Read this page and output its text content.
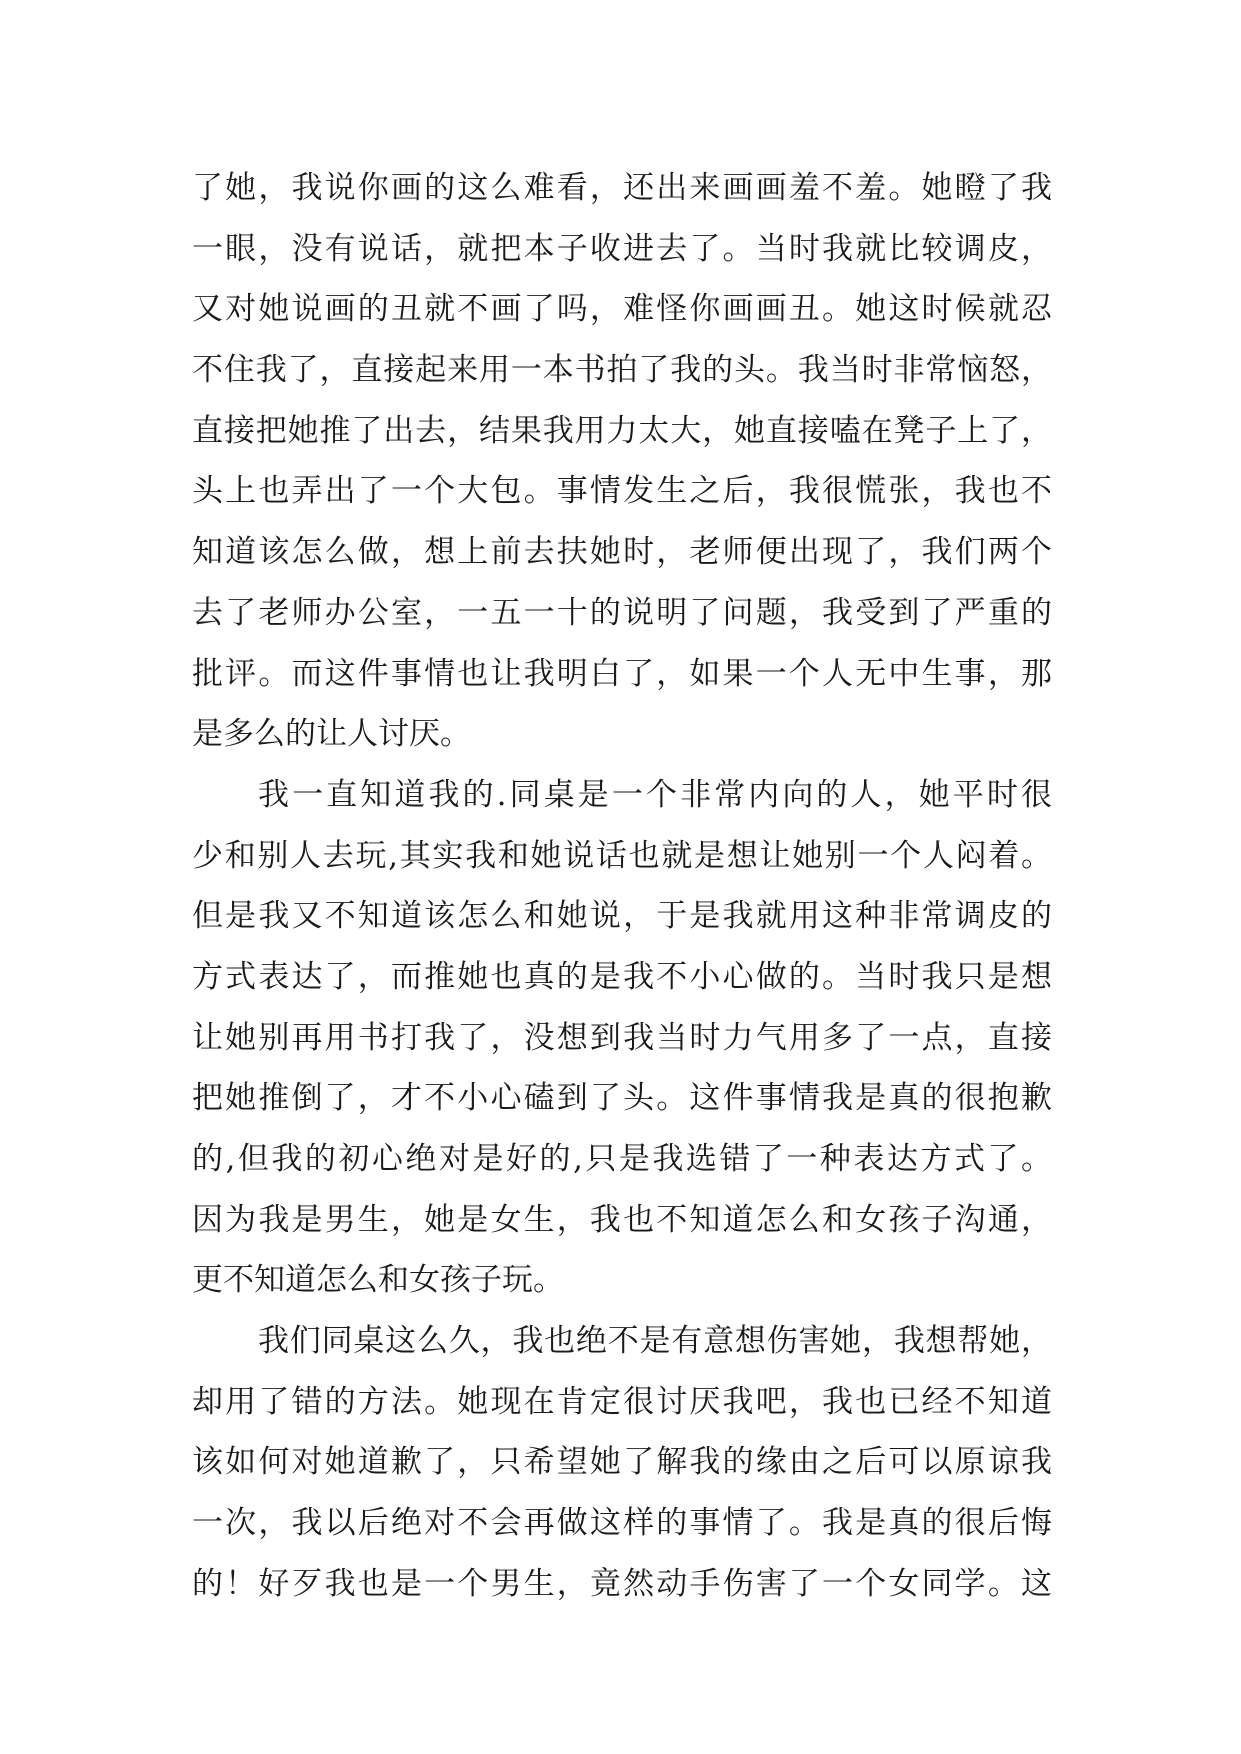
了她，我说你画的这么难看，还出来画画羞不羞。她瞪了我
一眼，没有说话，就把本子收进去了。当时我就比较调皮，
又对她说画的丑就不画了吗，难怪你画画丑。她这时候就忍
不住我了，直接起来用一本书拍了我的头。我当时非常恼怒，
直接把她推了出去，结果我用力太大，她直接嗑在凳子上了，
头上也弄出了一个大包。事情发生之后，我很慌张，我也不
知道该怎么做，想上前去扶她时，老师便出现了，我们两个
去了老师办公室，一五一十的说明了问题，我受到了严重的
批评。而这件事情也让我明白了，如果一个人无中生事，那
是多么的让人讨厌。
我一直知道我的.同桌是一个非常内向的人，她平时很
少和别人去玩,其实我和她说话也就是想让她别一个人闷着。
但是我又不知道该怎么和她说，于是我就用这种非常调皮的
方式表达了，而推她也真的是我不小心做的。当时我只是想
让她别再用书打我了，没想到我当时力气用多了一点，直接
把她推倒了，才不小心磕到了头。这件事情我是真的很抱歉
的,但我的初心绝对是好的,只是我选错了一种表达方式了。
因为我是男生，她是女生，我也不知道怎么和女孩子沟通，
更不知道怎么和女孩子玩。
我们同桌这么久，我也绝不是有意想伤害她，我想帮她，
却用了错的方法。她现在肯定很讨厌我吧，我也已经不知道
该如何对她道歉了，只希望她了解我的缘由之后可以原谅我
一次，我以后绝对不会再做这样的事情了。我是真的很后悔
的！好歹我也是一个男生，竟然动手伤害了一个女同学。这
